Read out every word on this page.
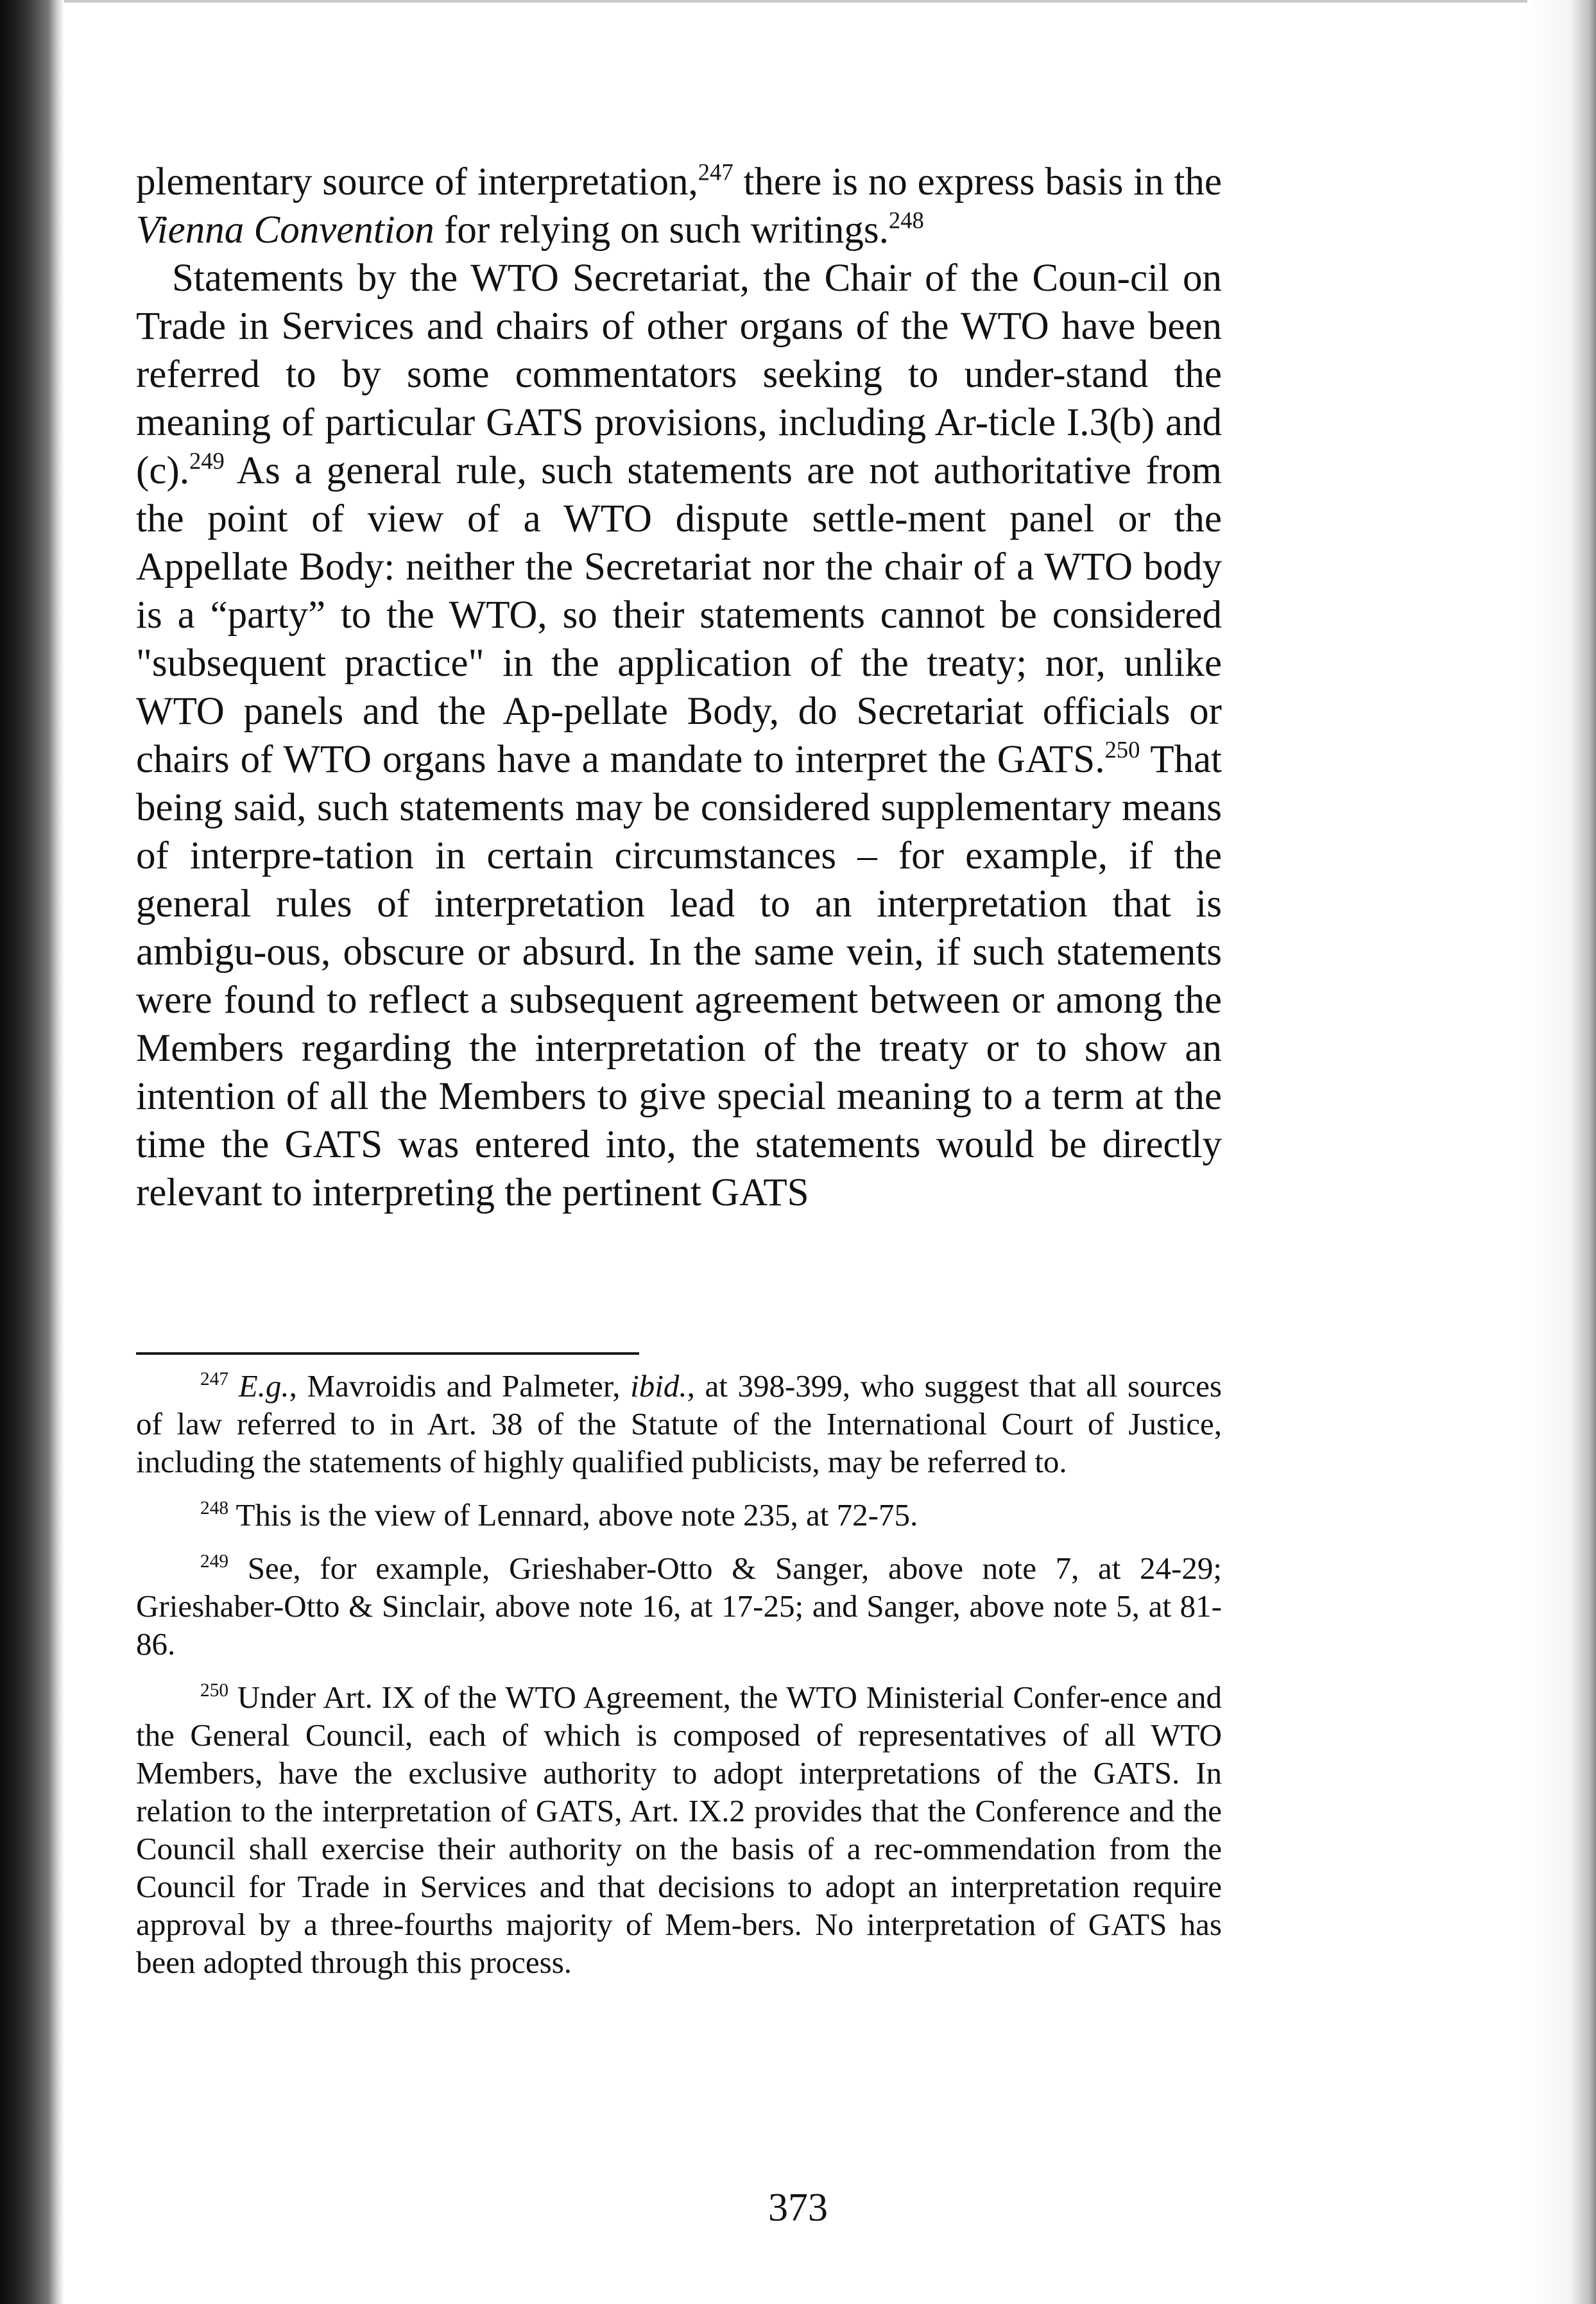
plementary source of interpretation,$^{247}$ there is no express basis in the Vienna Convention for relying on such writings.$^{248}$

Statements by the WTO Secretariat, the Chair of the Coun-cil on Trade in Services and chairs of other organs of the WTO have been referred to by some commentators seeking to under-stand the meaning of particular GATS provisions, including Ar-ticle I.3(b) and (c).$^{249}$ As a general rule, such statements are not authoritative from the point of view of a WTO dispute settle-ment panel or the Appellate Body: neither the Secretariat nor the chair of a WTO body is a “party” to the WTO, so their statements cannot be considered "subsequent practice" in the application of the treaty; nor, unlike WTO panels and the Ap-pellate Body, do Secretariat officials or chairs of WTO organs have a mandate to interpret the GATS.$^{250}$ That being said, such statements may be considered supplementary means of interpre-tation in certain circumstances – for example, if the general rules of interpretation lead to an interpretation that is ambigu-ous, obscure or absurd. In the same vein, if such statements were found to reflect a subsequent agreement between or among the Members regarding the interpretation of the treaty or to show an intention of all the Members to give special meaning to a term at the time the GATS was entered into, the statements would be directly relevant to interpreting the pertinent GATS

$^{247}$ E.g., Mavroidis and Palmeter, ibid., at 398-399, who suggest that all sources of law referred to in Art. 38 of the Statute of the International Court of Justice, including the statements of highly qualified publicists, may be referred to.

$^{248}$ This is the view of Lennard, above note 235, at 72-75.

$^{249}$ See, for example, Grieshaber-Otto & Sanger, above note 7, at 24-29; Grieshaber-Otto & Sinclair, above note 16, at 17-25; and Sanger, above note 5, at 81-86.

$^{250}$ Under Art. IX of the WTO Agreement, the WTO Ministerial Confer-ence and the General Council, each of which is composed of representatives of all WTO Members, have the exclusive authority to adopt interpretations of the GATS. In relation to the interpretation of GATS, Art. IX.2 provides that the Conference and the Council shall exercise their authority on the basis of a rec-ommendation from the Council for Trade in Services and that decisions to adopt an interpretation require approval by a three-fourths majority of Mem-bers. No interpretation of GATS has been adopted through this process.

373
